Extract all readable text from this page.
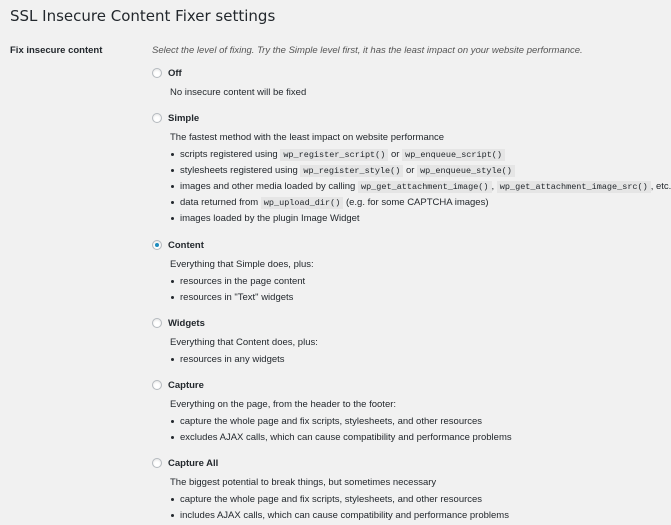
SSL Insecure Content Fixer settings

Fix insecure content	Select the level of fixing. Try the Simple level first, it has the least impact on your website performance.

Off

No insecure content will be fixed

Simple

The fastest method with the least impact on website performance

scripts registered using wp_register_script() or wp_enqueue_script()
stylesheets registered using wp_register_style() or wp_enqueue_style()
images and other media loaded by calling wp_get_attachment_image() , wp_get_attachment_image_src() , etc.
data returned from wp_upload_dir() (e.g. for some CAPTCHA images)
images loaded by the plugin Image Widget
Content

Everything that Simple does, plus:

resources in the page content
resources in "Text" widgets
Widgets

Everything that Content does, plus:

resources in any widgets
Capture

Everything on the page, from the header to the footer:

capture the whole page and fix scripts, stylesheets, and other resources
excludes AJAX calls, which can cause compatibility and performance problems
Capture All

The biggest potential to break things, but sometimes necessary

capture the whole page and fix scripts, stylesheets, and other resources
includes AJAX calls, which can cause compatibility and performance problems
